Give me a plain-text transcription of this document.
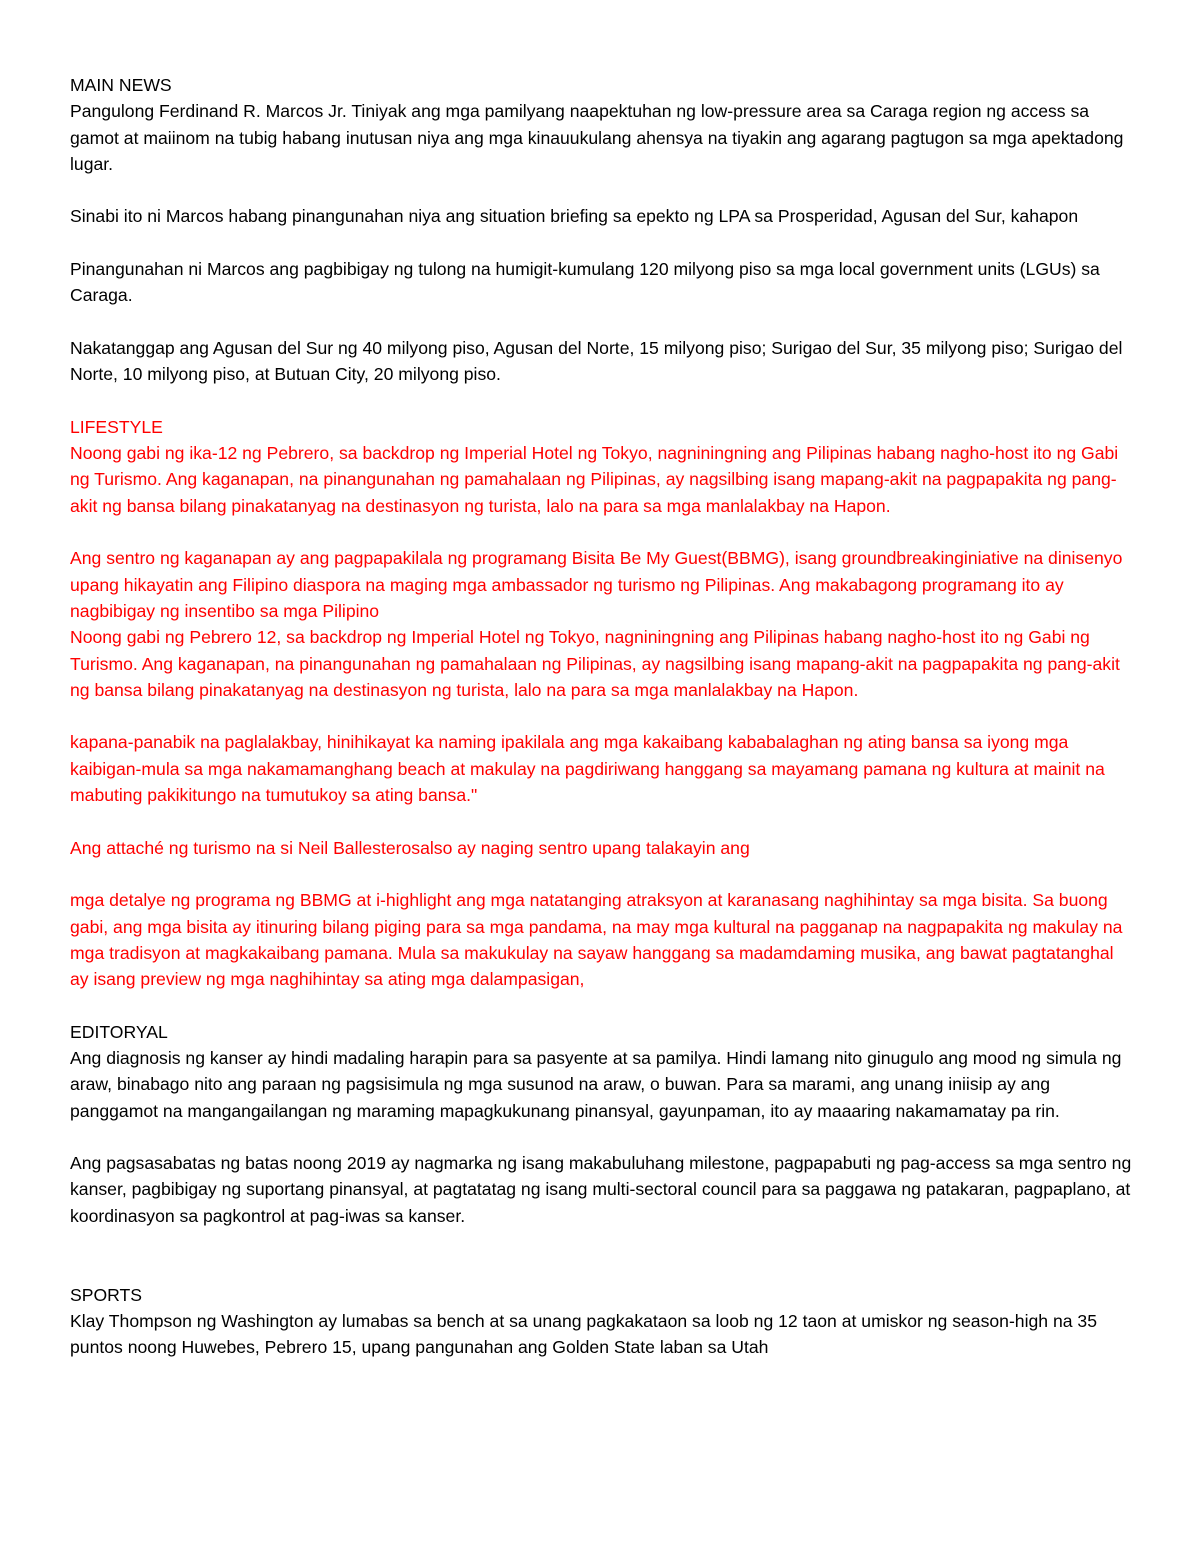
MAIN NEWS

Pangulong Ferdinand R. Marcos Jr. Tiniyak ang mga pamilyang naapektuhan ng low-pressure area sa Caraga region ng access sa gamot at maiinom na tubig habang inutusan niya ang mga kinauukulang ahensya na tiyakin ang agarang pagtugon sa mga apektadong lugar.

Sinabi ito ni Marcos habang pinangunahan niya ang situation briefing sa epekto ng LPA sa Prosperidad, Agusan del Sur, kahapon

Pinangunahan ni Marcos ang pagbibigay ng tulong na humigit-kumulang 120 milyong piso sa mga local government units (LGUs) sa Caraga.

Nakatanggap ang Agusan del Sur ng 40 milyong piso, Agusan del Norte, 15 milyong piso; Surigao del Sur, 35 milyong piso; Surigao del Norte, 10 milyong piso, at Butuan City, 20 milyong piso.

LIFESTYLE

Noong gabi ng ika-12 ng Pebrero, sa backdrop ng Imperial Hotel ng Tokyo, nagniningning ang Pilipinas habang nagho-host ito ng Gabi ng Turismo. Ang kaganapan, na pinangunahan ng pamahalaan ng Pilipinas, ay nagsilbing isang mapang-akit na pagpapakita ng pang-akit ng bansa bilang pinakatanyag na destinasyon ng turista, lalo na para sa mga manlalakbay na Hapon.

Ang sentro ng kaganapan ay ang pagpapakilala ng programang Bisita Be My Guest(BBMG), isang groundbreakinginiative na dinisenyo upang hikayatin ang Filipino diaspora na maging mga ambassador ng turismo ng Pilipinas. Ang makabagong programang ito ay nagbibigay ng insentibo sa mga Pilipino

Noong gabi ng Pebrero 12, sa backdrop ng Imperial Hotel ng Tokyo, nagniningning ang Pilipinas habang nagho-host ito ng Gabi ng Turismo. Ang kaganapan, na pinangunahan ng pamahalaan ng Pilipinas, ay nagsilbing isang mapang-akit na pagpapakita ng pang-akit ng bansa bilang pinakatanyag na destinasyon ng turista, lalo na para sa mga manlalakbay na Hapon.

kapana-panabik na paglalakbay, hinihikayat ka naming ipakilala ang mga kakaibang kababalaghan ng ating bansa sa iyong mga kaibigan-mula sa mga nakamamanghang beach at makulay na pagdiriwang hanggang sa mayamang pamana ng kultura at mainit na mabuting pakikitungo na tumutukoy sa ating bansa."

Ang attaché ng turismo na si Neil Ballesterosalso ay naging sentro upang talakayin ang

mga detalye ng programa ng BBMG at i-highlight ang mga natatanging atraksyon at karanasang naghihintay sa mga bisita. Sa buong gabi, ang mga bisita ay itinuring bilang piging para sa mga pandama, na may mga kultural na pagganap na nagpapakita ng makulay na mga tradisyon at magkakaibang pamana. Mula sa makukulay na sayaw hanggang sa madamdaming musika, ang bawat pagtatanghal ay isang preview ng mga naghihintay sa ating mga dalampasigan,

EDITORYAL

Ang diagnosis ng kanser ay hindi madaling harapin para sa pasyente at sa pamilya. Hindi lamang nito ginugulo ang mood ng simula ng araw, binabago nito ang paraan ng pagsisimula ng mga susunod na araw, o buwan. Para sa marami, ang unang iniisip ay ang panggamot na mangangailangan ng maraming mapagkukunang pinansyal, gayunpaman, ito ay maaaring nakamamatay pa rin.

Ang pagsasabatas ng batas noong 2019 ay nagmarka ng isang makabuluhang milestone, pagpapabuti ng pag-access sa mga sentro ng kanser, pagbibigay ng suportang pinansyal, at pagtatatag ng isang multi-sectoral council para sa paggawa ng patakaran, pagpaplano, at koordinasyon sa pagkontrol at pag-iwas sa kanser.

SPORTS

Klay Thompson ng Washington ay lumabas sa bench at sa unang pagkakataon sa loob ng 12 taon at umiskor ng season-high na 35 puntos noong Huwebes, Pebrero 15, upang pangunahan ang Golden State laban sa Utah
